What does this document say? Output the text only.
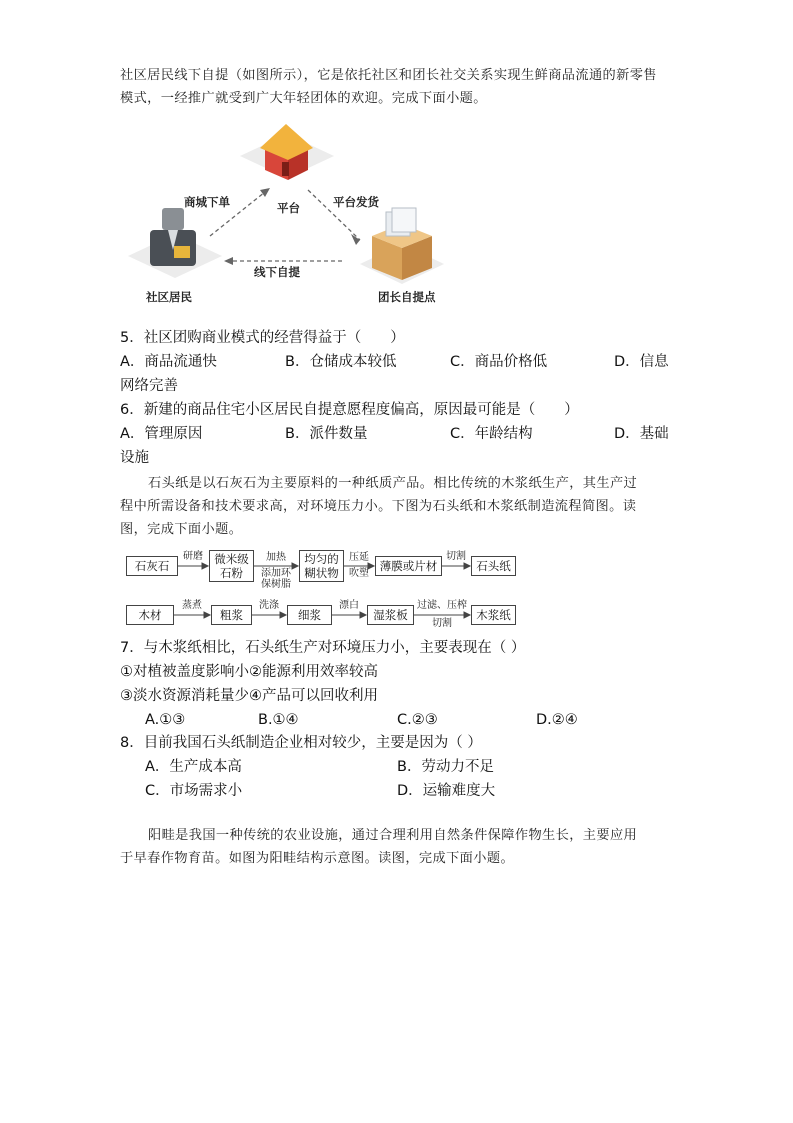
社区居民线下自提（如图所示），它是依托社区和团长社交关系实现生鲜商品流通的新零售
模式，一经推广就受到广大年轻团体的欢迎。完成下面小题。
平台
商城下单	平台发货
线下自提
社区居民	团长自提点
5．社区团购商业模式的经营得益于（　　）
A．商品流通快	B．仓储成本较低	C．商品价格低	D．信息
网络完善
6．新建的商品住宅小区居民自提意愿程度偏高，原因最可能是（　　）
A．管理原因	B．派件数量	C．年龄结构	D．基础
设施
石头纸是以石灰石为主要原料的一种纸质产品。相比传统的木浆纸生产，其生产过
程中所需设备和技术要求高，对环境压力小。下图为石头纸和木浆纸制造流程简图。读
图，完成下面小题。
石灰石
研磨 微米级
石粉
加热
添加环
保树脂
均匀的
糊状物
压延
吹塑
薄膜或片材
切割
石头纸
木材
蒸煮
粗浆
洗涤
细浆
漂白
湿浆板
过滤、压榨
切割
木浆纸
7．与木浆纸相比，石头纸生产对环境压力小，主要表现在（ ）
①对植被盖度影响小②能源利用效率较高
③淡水资源消耗量少④产品可以回收利用
A.①③	B.①④	C.②③	D.②④
8．目前我国石头纸制造企业相对较少，主要是因为（ ）
A．生产成本高	B．劳动力不足
C．市场需求小	D．运输难度大
阳畦是我国一种传统的农业设施，通过合理利用自然条件保障作物生长，主要应用
于早春作物育苗。如图为阳畦结构示意图。读图，完成下面小题。
